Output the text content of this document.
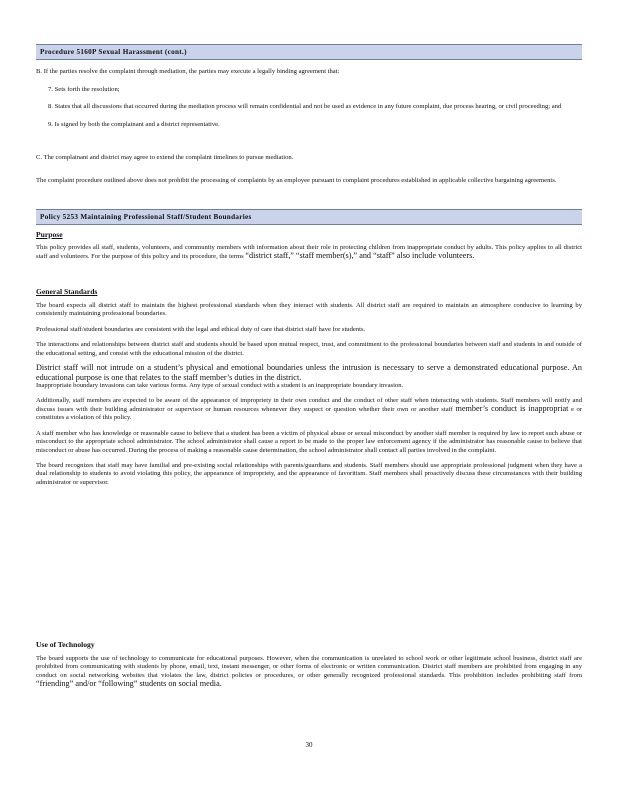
Procedure 5160P Sexual Harassment (cont.)

B. If the parties resolve the complaint through mediation, the parties may execute a legally binding agreement that:

7. Sets forth the resolution;

8. States that all discussions that occurred during the mediation process will remain confidential and not be used as evidence in any future complaint, due process hearing, or civil proceeding; and

9. Is signed by both the complainant and a district representative.

C. The complainant and district may agree to extend the complaint timelines to pursue mediation.

The complaint procedure outlined above does not prohibit the processing of complaints by an employee pursuant to complaint procedures established in applicable collective bargaining agreements.

Policy 5253 Maintaining Professional Staff/Student Boundaries

Purpose

This policy provides all staff, students, volunteers, and community members with information about their role in protecting children from inappropriate conduct by adults. This policy applies to all district staff and volunteers. For the purpose of this policy and its procedure, the terms “district staff,” “staff member(s),” and “staff” also include volunteers.

General Standards

The board expects all district staff to maintain the highest professional standards when they interact with students. All district staff are required to maintain an atmosphere conducive to learning by consistently maintaining professional boundaries.

Professional staff/student boundaries are consistent with the legal and ethical duty of care that district staff have for students.

The interactions and relationships between district staff and students should be based upon mutual respect, trust, and commitment to the professional boundaries between staff and students in and outside of the educational setting, and consist with the educational mission of the district.

District staff will not intrude on a student’s physical and emotional boundaries unless the intrusion is necessary to serve a demonstrated educational purpose. An educational purpose is one that relates to the staff member’s duties in the district.

Inappropriate boundary invasions can take various forms. Any type of sexual conduct with a student is an inappropriate boundary invasion.

Additionally, staff members are expected to be aware of the appearance of impropriety in their own conduct and the conduct of other staff when interacting with students. Staff members will notify and discuss issues with their building administrator or supervisor or human resources whenever they suspect or question whether their own or another staff member’s conduct is inappropriat e or constitutes a violation of this policy.

A staff member who has knowledge or reasonable cause to believe that a student has been a victim of physical abuse or sexual misconduct by another staff member is required by law to report such abuse or misconduct to the appropriate school administrator. The school administrator shall cause a report to be made to the proper law enforcement agency if the administrator has reasonable cause to believe that misconduct or abuse has occurred. During the process of making a reasonable cause determination, the school administrator shall contact all parties involved in the complaint.

The board recognizes that staff may have familial and pre-existing social relationships with parents/guardians and students. Staff members should use appropriate professional judgment when they have a dual relationship to students to avoid violating this policy, the appearance of impropriety, and the appearance of favoritism. Staff members shall proactively discuss these circumstances with their building administrator or supervisor.

Use of Technology

The board supports the use of technology to communicate for educational purposes. However, when the communication is unrelated to school work or other legitimate school business, district staff are prohibited from communicating with students by phone, email, text, instant messenger, or other forms of electronic or written communication. District staff members are prohibited from engaging in any conduct on social networking websites that violates the law, district policies or procedures, or other generally recognized professional standards. This prohibition includes prohibiting staff from “friending” and/or “following” students on social media.

30
